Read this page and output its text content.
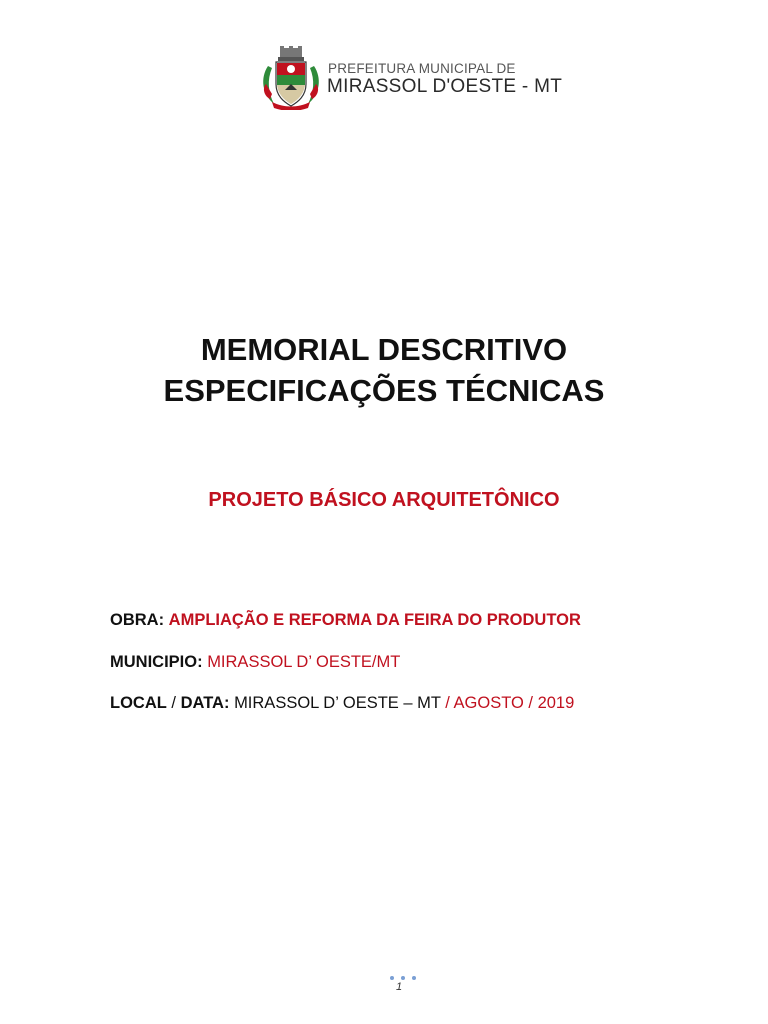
PREFEITURA MUNICIPAL DE
MIRASSOL D'OESTE - MT
MEMORIAL DESCRITIVO
ESPECIFICAÇÕES TÉCNICAS
PROJETO BÁSICO ARQUITETÔNICO
OBRA: AMPLIAÇÃO E REFORMA DA FEIRA DO PRODUTOR
MUNICIPIO: MIRASSOL D’ OESTE/MT
LOCAL / DATA: MIRASSOL D’ OESTE – MT / AGOSTO / 2019
1
